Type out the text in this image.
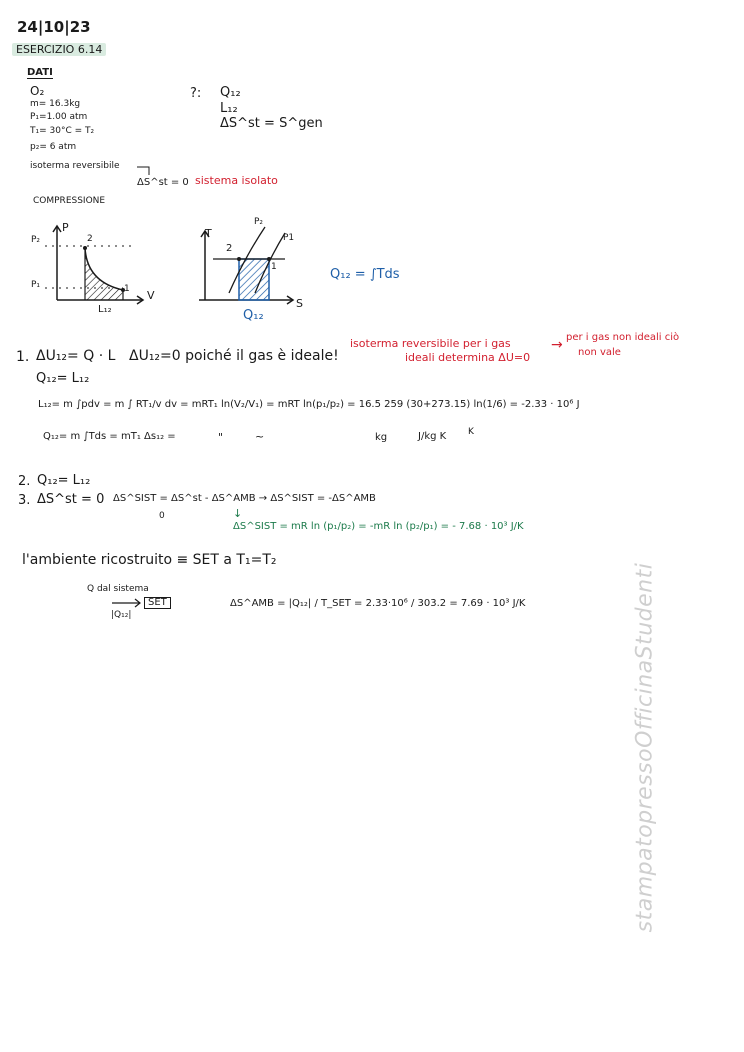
24|10|23
ESERCIZIO 6.14
DATI
O₂
m= 16.3kg
P₁=1.00 atm
T₁= 30°C = T₂
p₂= 6 atm
isoterma reversibile
ΔS^st = 0 sistema isolato
COMPRESSIONE
?: Q₁₂
L₁₂
ΔS^st = S^gen
P
V
P₂
P₁
2
1
L₁₂
T
S
P₂
P1
2
1
Q₁₂
Q₁₂ = ∫Tds
isoterma reversibile per i gas
ideali determina ΔU=0
→ per i gas non ideali ciò
non vale
1. ΔU₁₂= Q · L ΔU₁₂=0 poiché il gas è ideale!
Q₁₂= L₁₂
L₁₂= m ∫pdv = m ∫ RT₁/v dv = mRT₁ ln(V₂/V₁) = mRT ln(p₁/p₂) = 16.5 259 (30+273.15) ln(1/6) = -2.33 · 10⁶ J
Q₁₂= m ∫Tds = mT₁ Δs₁₂ =	"	~	kg	J/kg K K
2. Q₁₂= L₁₂
3. ΔS^st = 0 ΔS^SIST = ΔS^st - ΔS^AMB → ΔS^SIST = -ΔS^AMB
0	↓
ΔS^SIST = mR ln (p₁/p₂) = -mR ln (p₂/p₁) = - 7.68 · 10³ J/K
l'ambiente ricostruito ≡ SET a T₁=T₂
Q dal sistema
SET
|Q₁₂|
ΔS^AMB = |Q₁₂| / T_SET = 2.33·10⁶ / 303.2 = 7.69 · 10³ J/K	stampatopressoOfficinaStudenti
